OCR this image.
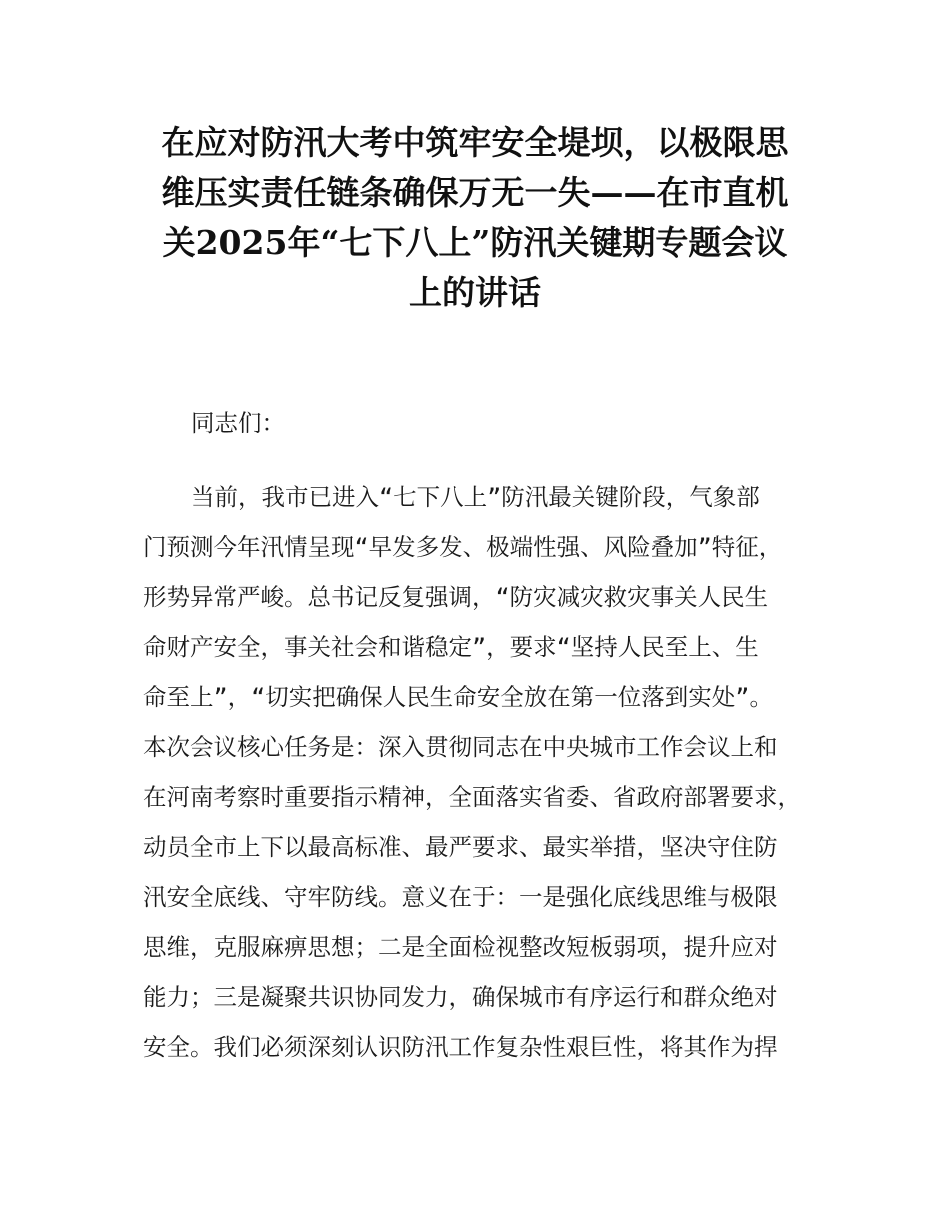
在应对防汛大考中筑牢安全堤坝，以极限思
维压实责任链条确保万无一失——在市直机
关2025年“七下八上”防汛关键期专题会议
上的讲话

同志们：

当前，我市已进入“七下八上”防汛最关键阶段，气象部
门预测今年汛情呈现“早发多发、极端性强、风险叠加”特征，
形势异常严峻。总书记反复强调，“防灾减灾救灾事关人民生
命财产安全，事关社会和谐稳定”，要求“坚持人民至上、生
命至上”，“切实把确保人民生命安全放在第一位落到实处”。
本次会议核心任务是：深入贯彻同志在中央城市工作会议上和
在河南考察时重要指示精神，全面落实省委、省政府部署要求，
动员全市上下以最高标准、最严要求、最实举措，坚决守住防
汛安全底线、守牢防线。意义在于：一是强化底线思维与极限
思维，克服麻痹思想；二是全面检视整改短板弱项，提升应对
能力；三是凝聚共识协同发力，确保城市有序运行和群众绝对
安全。我们必须深刻认识防汛工作复杂性艰巨性，将其作为捍
